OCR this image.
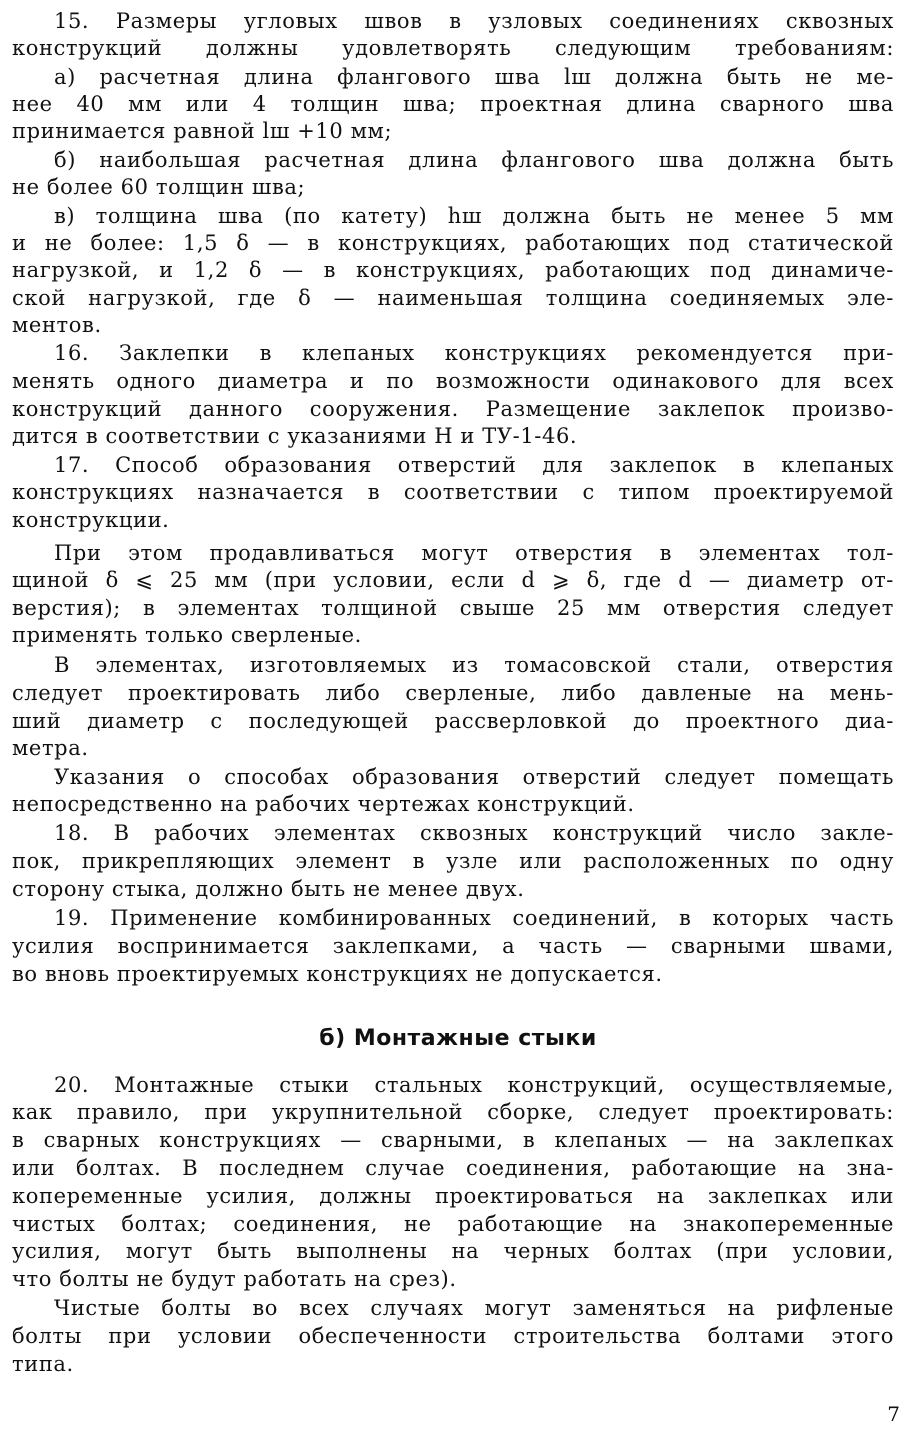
15. Размеры угловых швов в узловых соединениях сквозных
конструкций должны удовлетворять следующим требованиям:
а) расчетная длина флангового шва lш должна быть не ме-
нее 40 мм или 4 толщин шва; проектная длина сварного шва
принимается равной lш +10 мм;
б) наибольшая расчетная длина флангового шва должна быть
не более 60 толщин шва;
в) толщина шва (по катету) hш должна быть не менее 5 мм
и не более: 1,5 δ — в конструкциях, работающих под статической
нагрузкой, и 1,2 δ — в конструкциях, работающих под динамиче-
ской нагрузкой, где δ — наименьшая толщина соединяемых эле-
ментов.
16. Заклепки в клепаных конструкциях рекомендуется при-
менять одного диаметра и по возможности одинакового для всех
конструкций данного сооружения. Размещение заклепок произво-
дится в соответствии с указаниями Н и ТУ-1-46.
17. Способ образования отверстий для заклепок в клепаных
конструкциях назначается в соответствии с типом проектируемой
конструкции.
При этом продавливаться могут отверстия в элементах тол-
щиной δ ⩽ 25 мм (при условии, если d ⩾ δ, где d — диаметр от-
верстия); в элементах толщиной свыше 25 мм отверстия следует
применять только сверленые.
В элементах, изготовляемых из томасовской стали, отверстия
следует проектировать либо сверленые, либо давленые на мень-
ший диаметр с последующей рассверловкой до проектного диа-
метра.
Указания о способах образования отверстий следует помещать
непосредственно на рабочих чертежах конструкций.
18. В рабочих элементах сквозных конструкций число закле-
пок, прикрепляющих элемент в узле или расположенных по одну
сторону стыка, должно быть не менее двух.
19. Применение комбинированных соединений, в которых часть
усилия воспринимается заклепками, а часть — сварными швами,
во вновь проектируемых конструкциях не допускается.
б) Монтажные стыки
20. Монтажные стыки стальных конструкций, осуществляемые,
как правило, при укрупнительной сборке, следует проектировать:
в сварных конструкциях — сварными, в клепаных — на заклепках
или болтах. В последнем случае соединения, работающие на зна-
копеременные усилия, должны проектироваться на заклепках или
чистых болтах; соединения, не работающие на знакопеременные
усилия, могут быть выполнены на черных болтах (при условии,
что болты не будут работать на срез).
Чистые болты во всех случаях могут заменяться на рифленые
болты при условии обеспеченности строительства болтами этого
типа.
7
